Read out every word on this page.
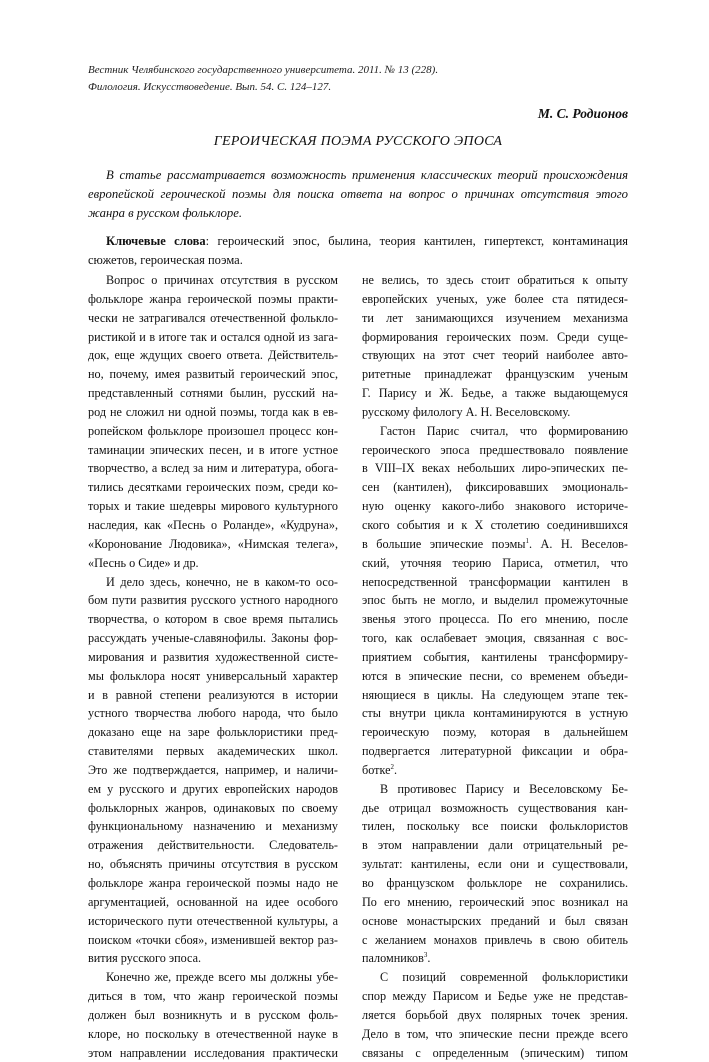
Вестник Челябинского государственного университета. 2011. № 13 (228).
Филология. Искусствоведение. Вып. 54. С. 124–127.
М. С. Родионов
ГЕРОИЧЕСКАЯ ПОЭМА РУССКОГО ЭПОСА
В статье рассматривается возможность применения классических теорий происхождения
европейской героической поэмы для поиска ответа на вопрос о причинах отсутствия этого
жанра в русском фольклоре.
Ключевые слова: героический эпос, былина, теория кантилен, гипертекст, контаминация
сюжетов, героическая поэма.
Вопрос о причинах отсутствия в русском
фольклоре жанра героической поэмы практи-
чески не затрагивался отечественной фолькло-
ристикой и в итоге так и остался одной из зага-
док, еще ждущих своего ответа. Действитель-
но, почему, имея развитый героический эпос,
представленный сотнями былин, русский на-
род не сложил ни одной поэмы, тогда как в ев-
ропейском фольклоре произошел процесс кон-
таминации эпических песен, и в итоге устное
творчество, а вслед за ним и литература, обога-
тились десятками героических поэм, среди ко-
торых и такие шедевры мирового культурного
наследия, как «Песнь о Роланде», «Кудруна»,
«Коронование Людовика», «Нимская телега»,
«Песнь о Сиде» и др.
И дело здесь, конечно, не в каком-то осо-
бом пути развития русского устного народного
творчества, о котором в свое время пытались
рассуждать ученые-славянофилы. Законы фор-
мирования и развития художественной систе-
мы фольклора носят универсальный характер
и в равной степени реализуются в истории
устного творчества любого народа, что было
доказано еще на заре фольклористики пред-
ставителями первых академических школ.
Это же подтверждается, например, и наличи-
ем у русского и других европейских народов
фольклорных жанров, одинаковых по своему
функциональному назначению и механизму
отражения действительности. Следователь-
но, объяснять причины отсутствия в русском
фольклоре жанра героической поэмы надо не
аргументацией, основанной на идее особого
исторического пути отечественной культуры, а
поиском «точки сбоя», изменившей вектор раз-
вития русского эпоса.
Конечно же, прежде всего мы должны убе-
диться в том, что жанр героической поэмы
должен был возникнуть и в русском фоль-
клоре, но поскольку в отечественной науке в
этом направлении исследования практически
не велись, то здесь стоит обратиться к опыту
европейских ученых, уже более ста пятидеся-
ти лет занимающихся изучением механизма
формирования героических поэм. Среди суще-
ствующих на этот счет теорий наиболее авто-
ритетные принадлежат французским ученым
Г. Парису и Ж. Бедье, а также выдающемуся
русскому филологу А. Н. Веселовскому.
Гастон Парис считал, что формированию
героического эпоса предшествовало появление
в VIII–IX веках небольших лиро-эпических пе-
сен (кантилен), фиксировавших эмоциональ-
ную оценку какого-либо знакового историче-
ского события и к X столетию соединившихся
в большие эпические поэмы$^1$. А. Н. Веселов-
ский, уточняя теорию Париса, отметил, что
непосредственной трансформации кантилен в
эпос быть не могло, и выделил промежуточные
звенья этого процесса. По его мнению, после
того, как ослабевает эмоция, связанная с вос-
приятием события, кантилены трансформиру-
ются в эпические песни, со временем объеди-
няющиеся в циклы. На следующем этапе тек-
сты внутри цикла контаминируются в устную
героическую поэму, которая в дальнейшем
подвергается литературной фиксации и обра-
ботке$^2$.
В противовес Парису и Веселовскому Бе-
дье отрицал возможность существования кан-
тилен, поскольку все поиски фольклористов
в этом направлении дали отрицательный ре-
зультат: кантилены, если они и существовали,
во французском фольклоре не сохранились.
По его мнению, героический эпос возникал на
основе монастырских преданий и был связан
с желанием монахов привлечь в свою обитель
паломников$^3$.
С позиций современной фольклористики
спор между Парисом и Бедье уже не представ-
ляется борьбой двух полярных точек зрения.
Дело в том, что эпические песни прежде всего
связаны с определенным (эпическим) типом
